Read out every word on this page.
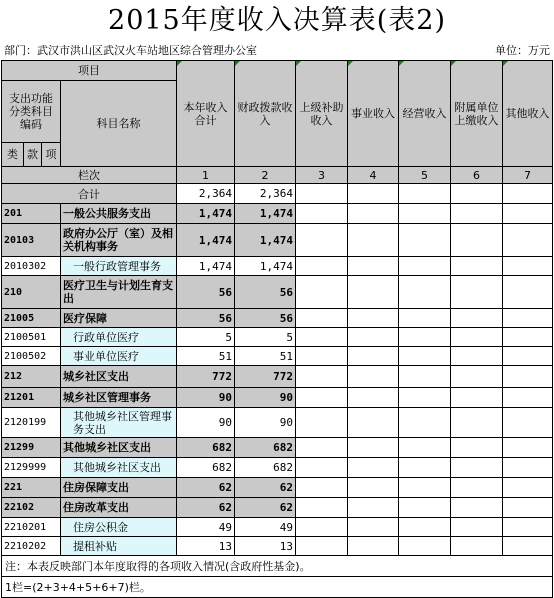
2015年度收入决算表(表2)
部门：武汉市洪山区武汉火车站地区综合管理办公室	单位：万元
项目				本年收入合计	财政拨款收入	上级补助收入	事业收入	经营收入	附属单位上缴收入	其他收入
支出功能分类科目编码			科目名称							
类	款	项								
栏次				1	2	3	4	5	6	7
合计				2,364	2,364					
201			一般公共服务支出	1,474	1,474					
20103			政府办公厅（室）及相关机构事务	1,474	1,474					
2010302			一般行政管理事务	1,474	1,474					
210			医疗卫生与计划生育支出	56	56					
21005			医疗保障	56	56					
2100501			行政单位医疗	5	5					
2100502			事业单位医疗	51	51					
212			城乡社区支出	772	772					
21201			城乡社区管理事务	90	90					
2120199			其他城乡社区管理事务支出	90	90					
21299			其他城乡社区支出	682	682					
2129999			其他城乡社区支出	682	682					
221			住房保障支出	62	62					
22102			住房改革支出	62	62					
2210201			住房公积金	49	49					
2210202			提租补贴	13	13					
注：本表反映部门本年度取得的各项收入情况(含政府性基金)。
1栏=(2+3+4+5+6+7)栏。
